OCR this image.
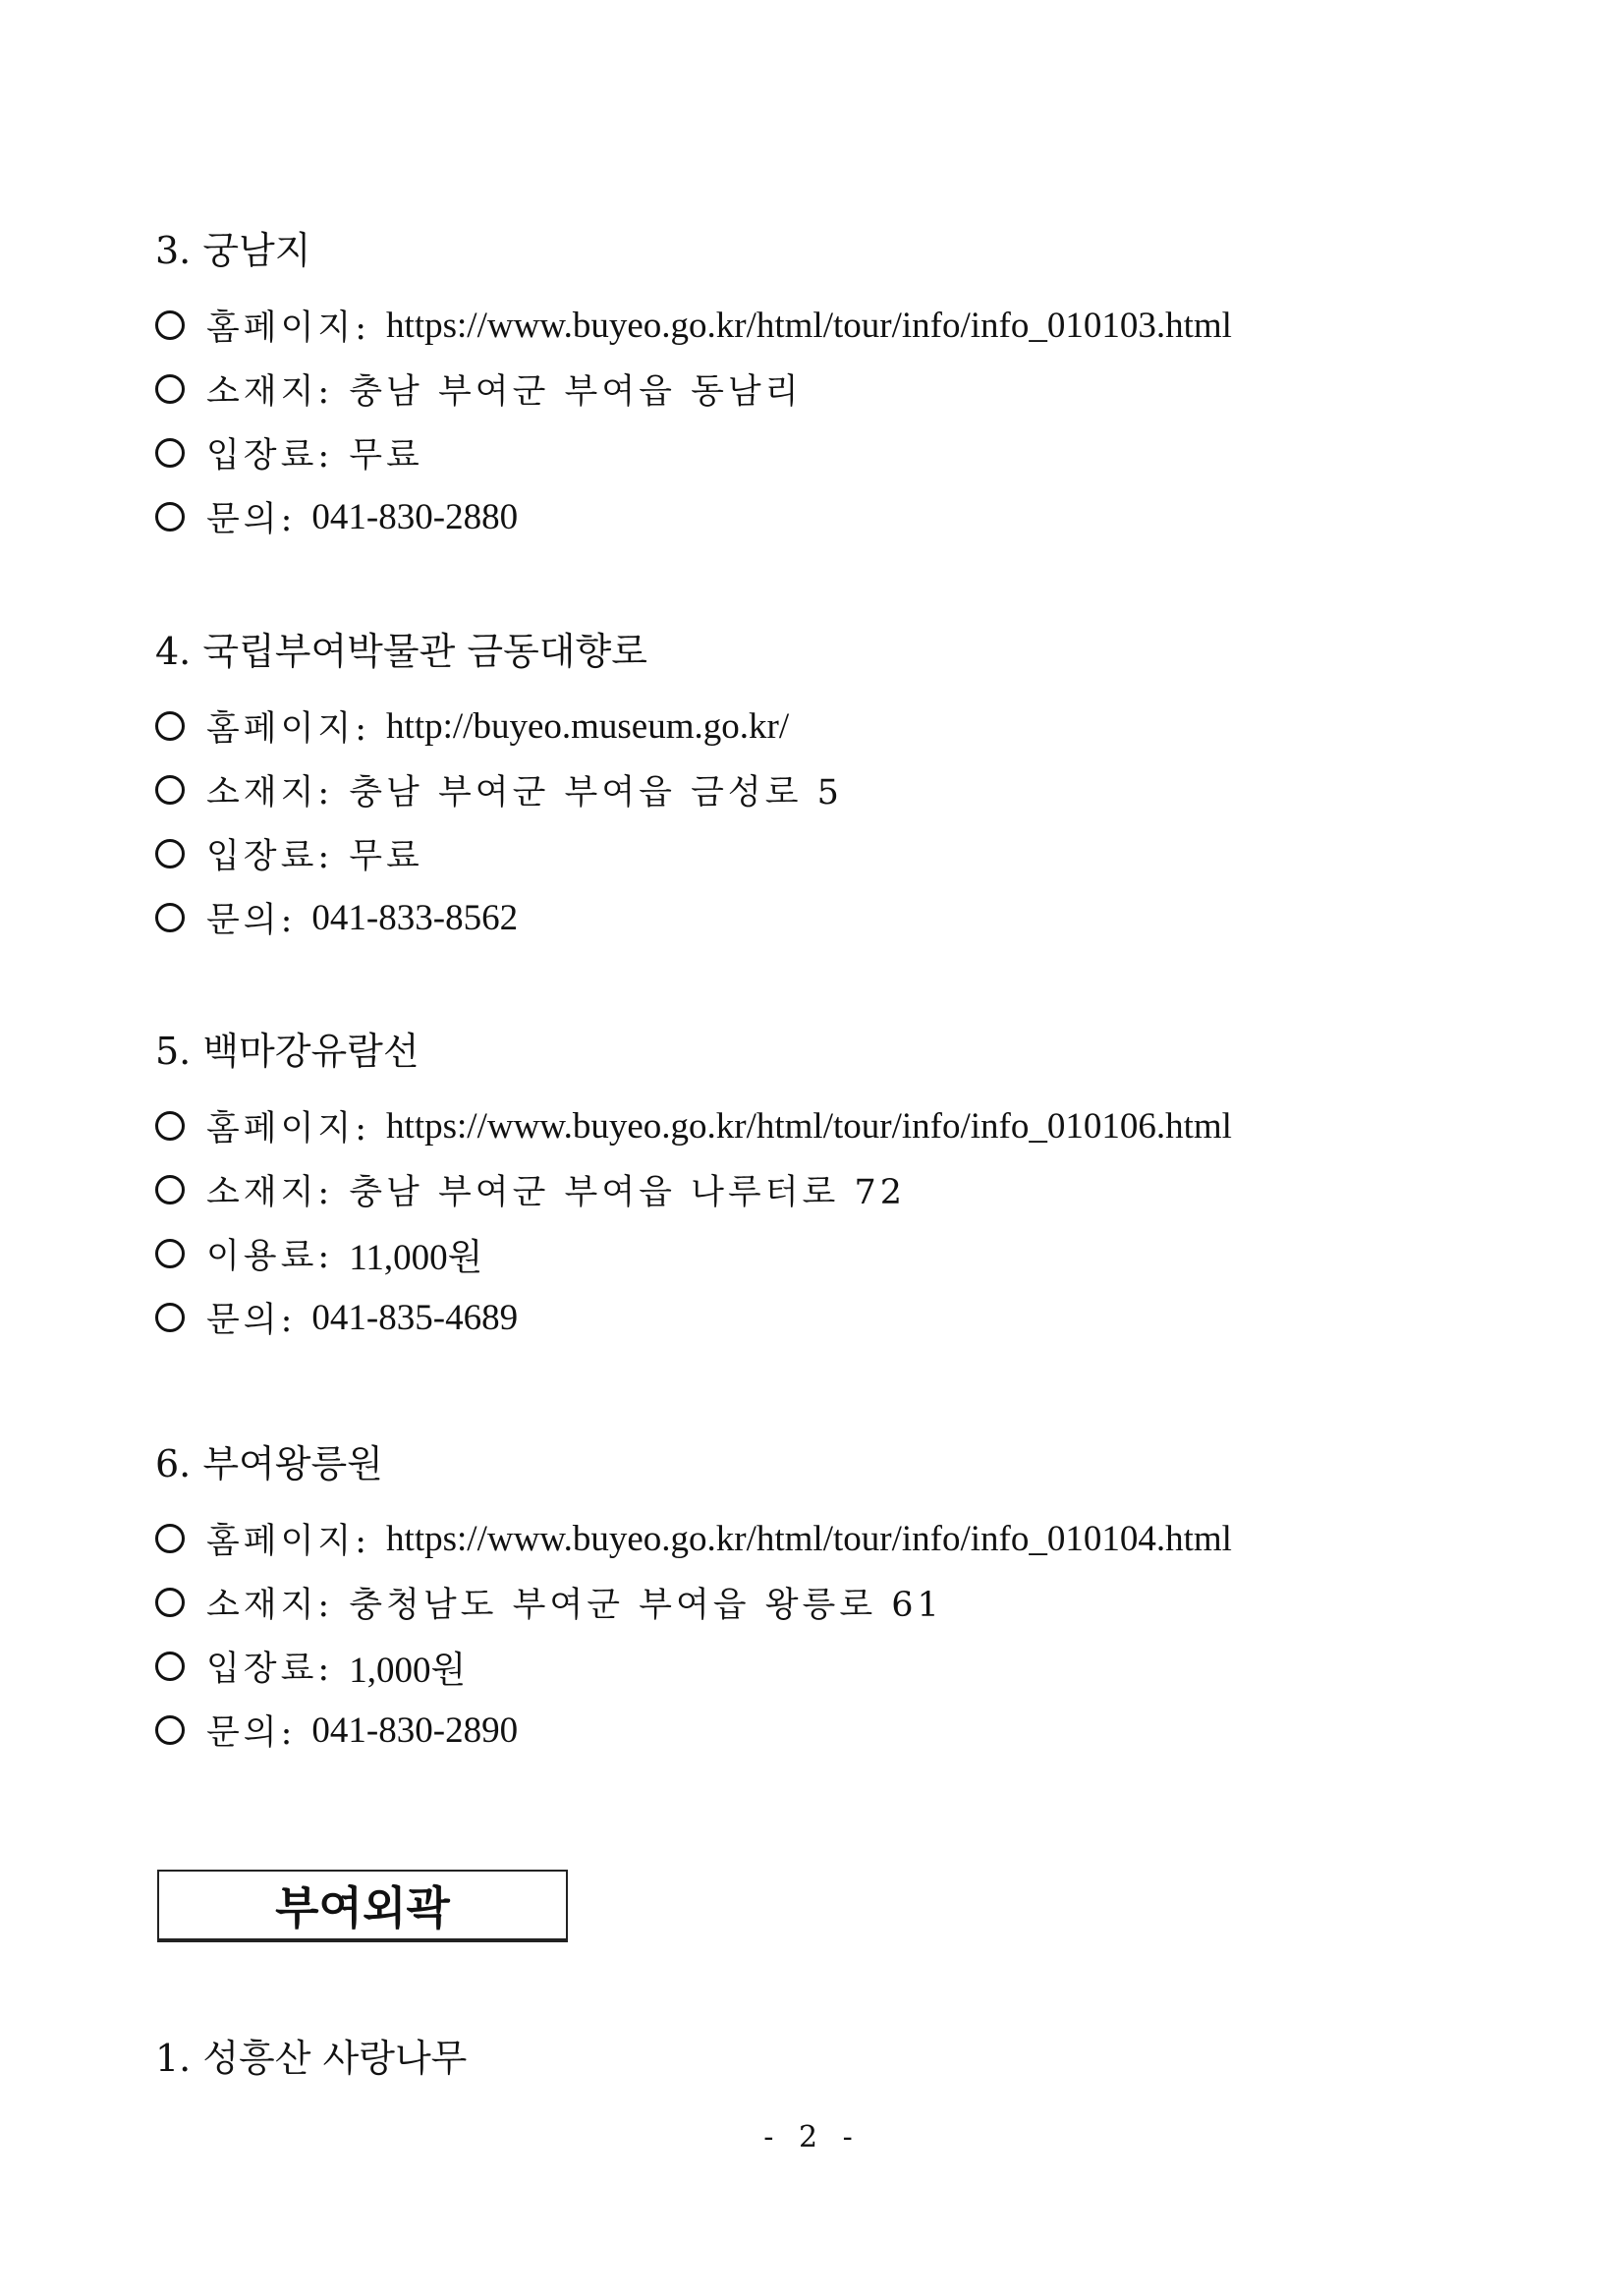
3. 궁남지
홈페이지: https://www.buyeo.go.kr/html/tour/info/info_010103.html
소재지: 충남 부여군 부여읍 동남리
입장료: 무료
문의: 041-830-2880
4. 국립부여박물관 금동대향로
홈페이지: http://buyeo.museum.go.kr/
소재지: 충남 부여군 부여읍 금성로 5
입장료: 무료
문의: 041-833-8562
5. 백마강유람선
홈페이지: https://www.buyeo.go.kr/html/tour/info/info_010106.html
소재지: 충남 부여군 부여읍 나루터로 72
이용료: 11,000원
문의: 041-835-4689
6. 부여왕릉원
홈페이지: https://www.buyeo.go.kr/html/tour/info/info_010104.html
소재지: 충청남도 부여군 부여읍 왕릉로 61
입장료: 1,000원
문의: 041-830-2890
부여외곽
1. 성흥산 사랑나무
- 2 -
